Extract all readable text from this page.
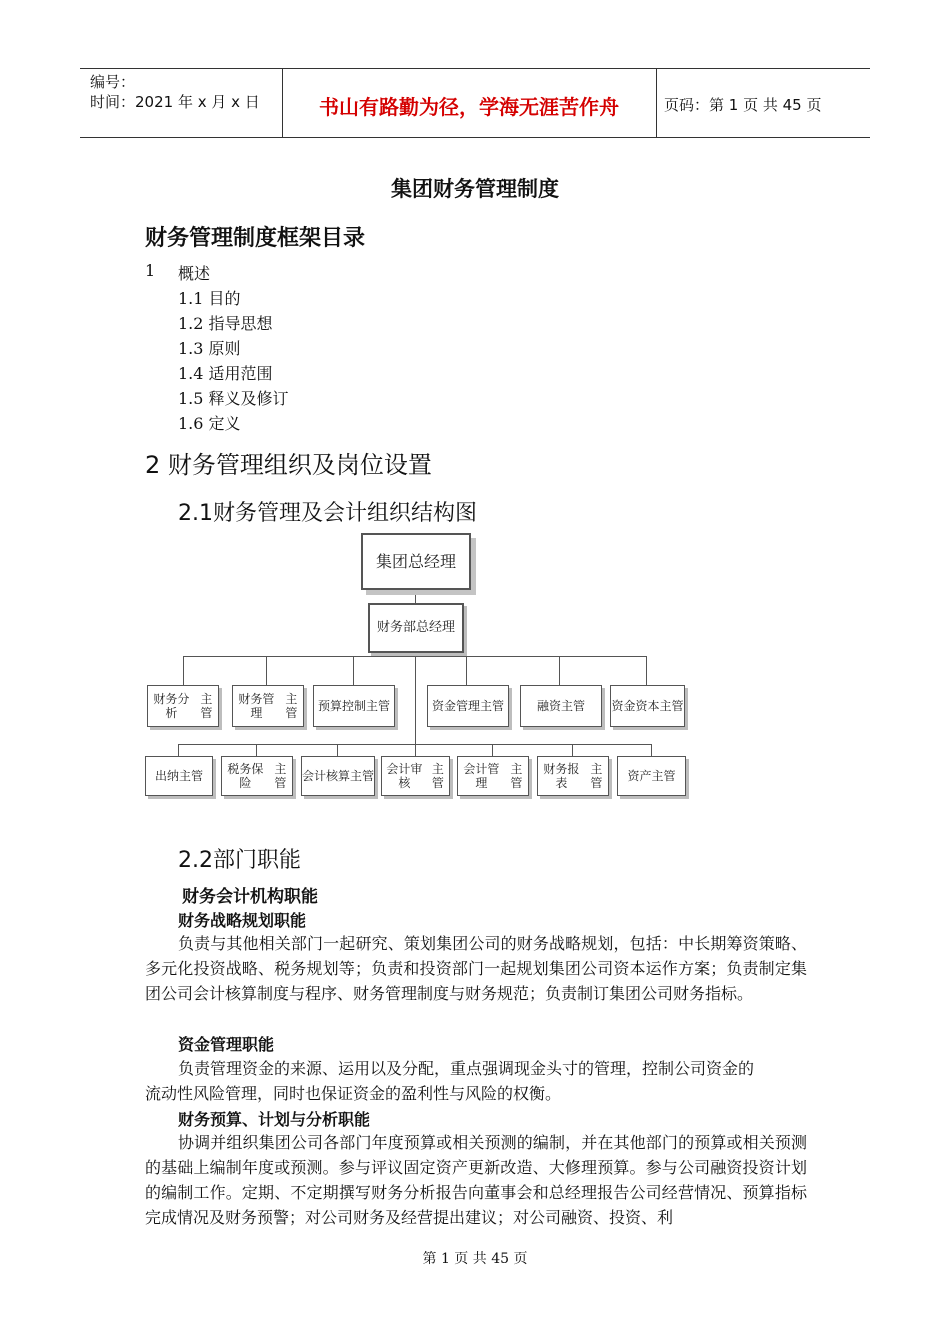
编号：
时间：2021 年 x 月 x 日	书山有路勤为径，学海无涯苦作舟	页码：第 1 页 共 45 页
集团财务管理制度
财务管理制度框架目录
1 概述
1.1 目的
1.2 指导思想
1.3 原则
1.4 适用范围
1.5 释义及修订
1.6 定义
2 财务管理组织及岗位设置
2.1财务管理及会计组织结构图
集团总经理
财务部总经理
财务分析

主管
财务管理

主管	预算控制 主管	资金管理 主管	融资主管 资金资本 主管
出纳主管	税务保险

主管	会计核算 主管	会计审核

主管
会计管理

主管
财务报表

主管	资产主管
2.2部门职能
财务会计机构职能
财务战略规划职能
负责与其他相关部门一起研究、策划集团公司的财务战略规划，包括：中长期筹资策略、多元化投资战略、税务规划等；负责和投资部门一起规划集团公司资本运作方案；负责制定集团公司会计核算制度与程序、财务管理制度与财务规范；负责制订集团公司财务指标。
资金管理职能
负责管理资金的来源、运用以及分配，重点强调现金头寸的管理，控制公司资金的
流动性风险管理，同时也保证资金的盈利性与风险的权衡。
财务预算、计划与分析职能
协调并组织集团公司各部门年度预算或相关预测的编制，并在其他部门的预算或相关预测的基础上编制年度或预测。参与评议固定资产更新改造、大修理预算。参与公司融资投资计划的编制工作。定期、不定期撰写财务分析报告向董事会和总经理报告公司经营情况、预算指标完成情况及财务预警；对公司财务及经营提出建议；对公司融资、投资、利
第 1 页 共 45 页
